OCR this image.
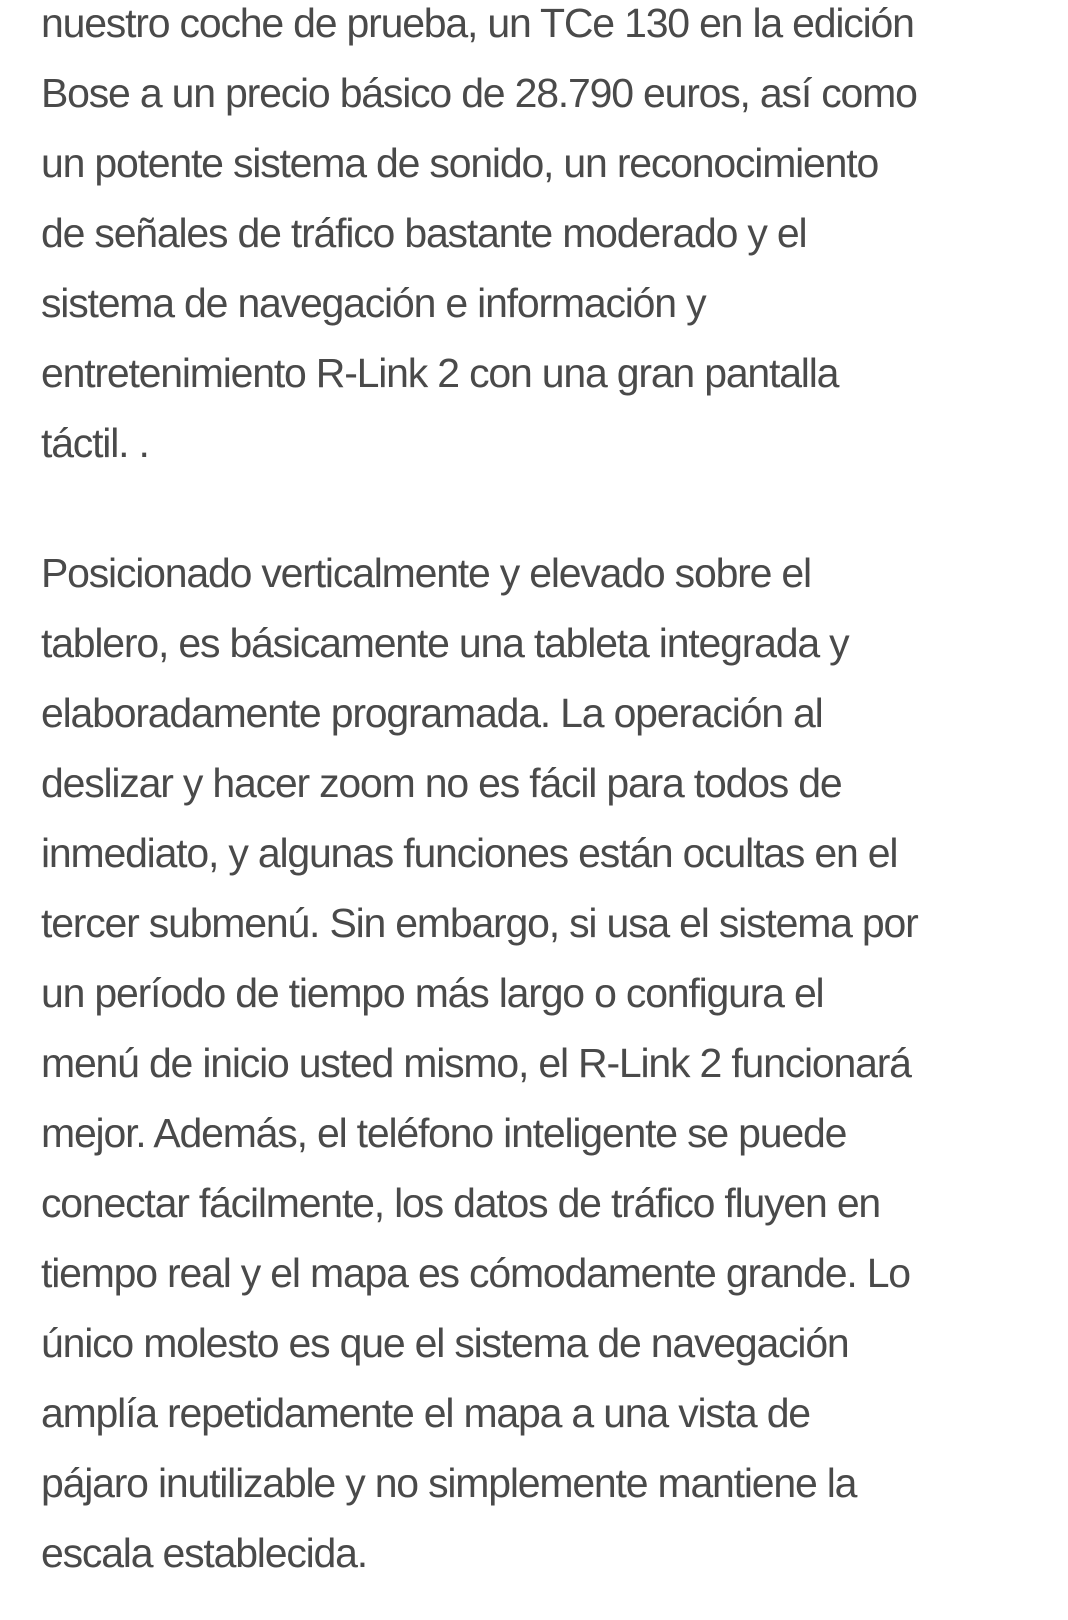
nuestro coche de prueba, un TCe 130 en la edición
Bose a un precio básico de 28.790 euros, así como
un potente sistema de sonido, un reconocimiento
de señales de tráfico bastante moderado y el
sistema de navegación e información y
entretenimiento R-Link 2 con una gran pantalla
táctil. .

Posicionado verticalmente y elevado sobre el
tablero, es básicamente una tableta integrada y
elaboradamente programada. La operación al
deslizar y hacer zoom no es fácil para todos de
inmediato, y algunas funciones están ocultas en el
tercer submenú. Sin embargo, si usa el sistema por
un período de tiempo más largo o configura el
menú de inicio usted mismo, el R-Link 2 funcionará
mejor. Además, el teléfono inteligente se puede
conectar fácilmente, los datos de tráfico fluyen en
tiempo real y el mapa es cómodamente grande. Lo
único molesto es que el sistema de navegación
amplía repetidamente el mapa a una vista de
pájaro inutilizable y no simplemente mantiene la
escala establecida.
